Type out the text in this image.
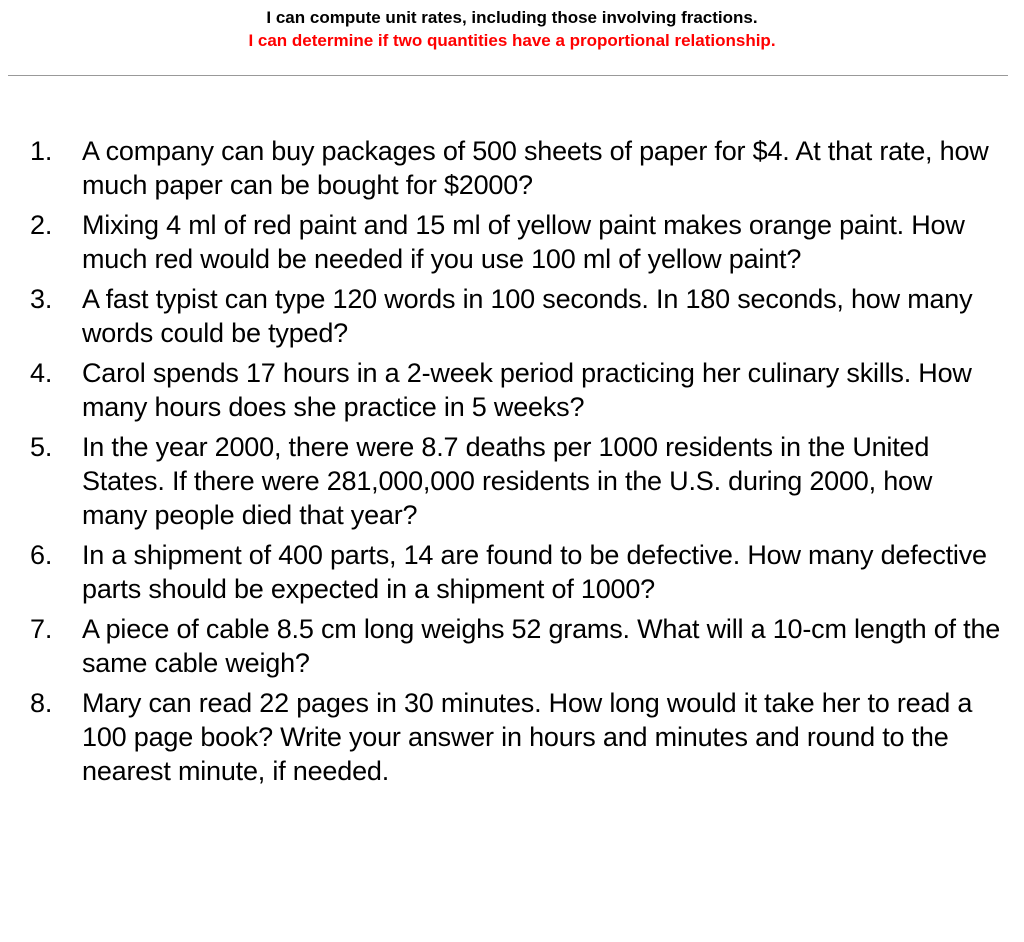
I can compute unit rates, including those involving fractions.

I can determine if two quantities have a proportional relationship.

1.	A company can buy packages of 500 sheets of paper for $4. At that rate, how much paper can be bought for $2000?
2.	Mixing 4 ml of red paint and 15 ml of yellow paint makes orange paint. How much red would be needed if you use 100 ml of yellow paint?
3.	A fast typist can type 120 words in 100 seconds. In 180 seconds, how many words could be typed?
4.	Carol spends 17 hours in a 2-week period practicing her culinary skills. How many hours does she practice in 5 weeks?
5.	In the year 2000, there were 8.7 deaths per 1000 residents in the United States. If there were 281,000,000 residents in the U.S. during 2000, how many people died that year?
6.	In a shipment of 400 parts, 14 are found to be defective. How many defective parts should be expected in a shipment of 1000?
7.	A piece of cable 8.5 cm long weighs 52 grams. What will a 10-cm length of the same cable weigh?
8.	Mary can read 22 pages in 30 minutes. How long would it take her to read a 100 page book? Write your answer in hours and minutes and round to the nearest minute, if needed.
